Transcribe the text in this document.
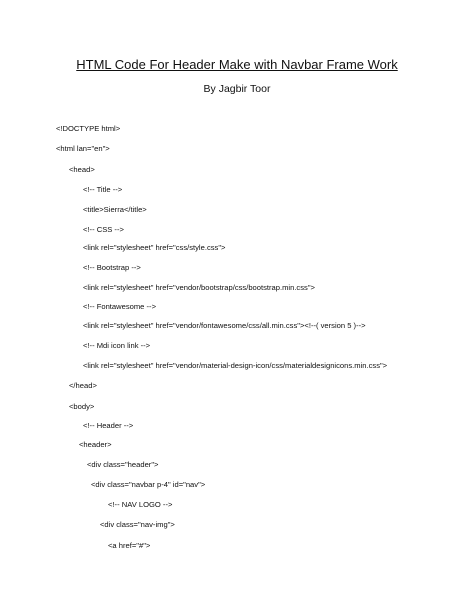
HTML Code For Header Make with Navbar Frame Work
By Jagbir Toor
<!DOCTYPE html>
<html lan="en">
<head>
<!-- Title -->
<title>Sierra</title>
<!-- CSS -->
<link rel="stylesheet" href="css/style.css">
<!-- Bootstrap -->
<link rel="stylesheet" href="vendor/bootstrap/css/bootstrap.min.css">
<!-- Fontawesome -->
<link rel="stylesheet" href="vendor/fontawesome/css/all.min.css"><!--( version 5 )-->
<!-- Mdi icon link -->
<link rel="stylesheet" href="vendor/material-design-icon/css/materialdesignicons.min.css">
</head>
<body>
<!-- Header -->
<header>
<div class="header">
<div class="navbar p-4" id="nav">
<!-- NAV LOGO -->
<div class="nav-img">
<a href="#">
